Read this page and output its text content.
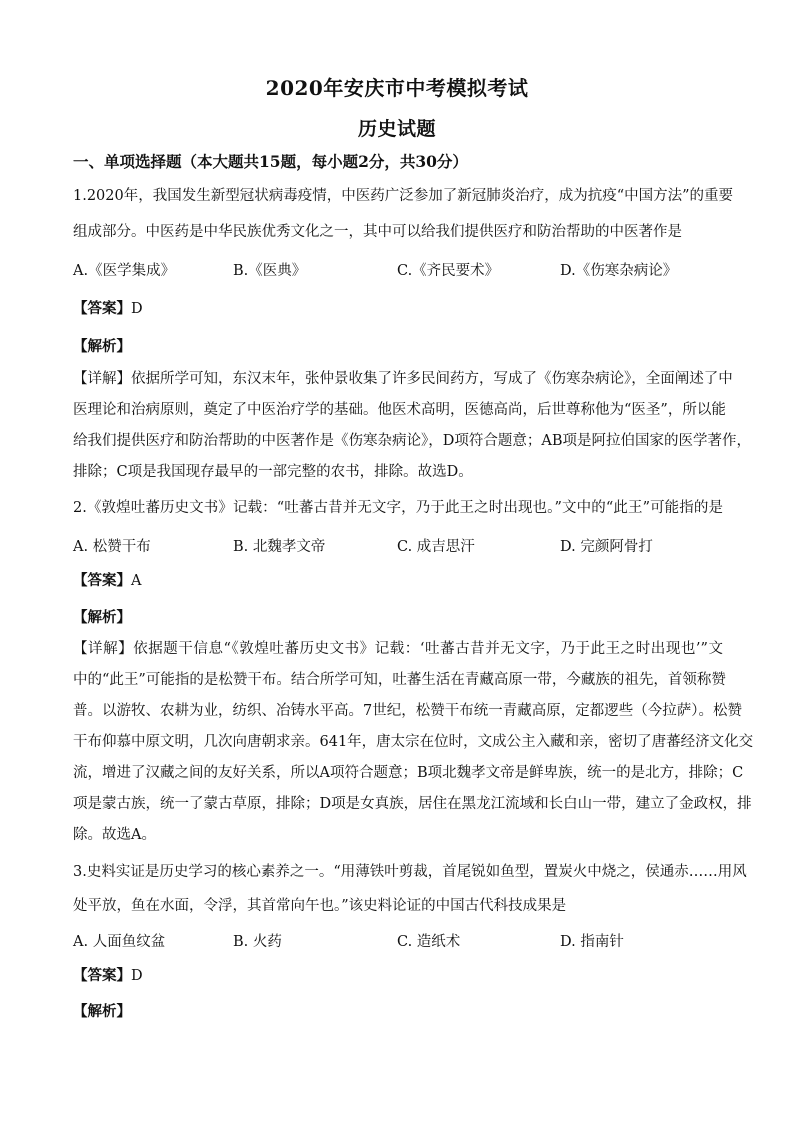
2020年安庆市中考模拟考试
历史试题
一、单项选择题（本大题共15题，每小题2分，共30分）
1.2020年，我国发生新型冠状病毒疫情，中医药广泛参加了新冠肺炎治疗，成为抗疫“中国方法”的重要
组成部分。中医药是中华民族优秀文化之一，其中可以给我们提供医疗和防治帮助的中医著作是
A.《医学集成》	B.《医典》	C.《齐民要术》	D.《伤寒杂病论》
【答案】D
【解析】
【详解】依据所学可知，东汉末年，张仲景收集了许多民间药方，写成了《伤寒杂病论》，全面阐述了中
医理论和治病原则，奠定了中医治疗学的基础。他医术高明，医德高尚，后世尊称他为“医圣”，所以能
给我们提供医疗和防治帮助的中医著作是《伤寒杂病论》，D项符合题意；AB项是阿拉伯国家的医学著作，
排除；C项是我国现存最早的一部完整的农书，排除。故选D。
2.《敦煌吐蕃历史文书》记载：“吐蕃古昔并无文字，乃于此王之时出现也。”文中的“此王”可能指的是
A. 松赞干布	B. 北魏孝文帝	C. 成吉思汗	D. 完颜阿骨打
【答案】A
【解析】
【详解】依据题干信息“《敦煌吐蕃历史文书》记载：‘吐蕃古昔并无文字，乃于此王之时出现也’”文
中的“此王”可能指的是松赞干布。结合所学可知，吐蕃生活在青藏高原一带，今藏族的祖先，首领称赞
普。以游牧、农耕为业，纺织、冶铸水平高。7世纪，松赞干布统一青藏高原，定都逻些（今拉萨）。松赞
干布仰慕中原文明，几次向唐朝求亲。641年，唐太宗在位时，文成公主入藏和亲，密切了唐蕃经济文化交
流，增进了汉藏之间的友好关系，所以A项符合题意；B项北魏孝文帝是鲜卑族，统一的是北方，排除；C
项是蒙古族，统一了蒙古草原，排除；D项是女真族，居住在黑龙江流域和长白山一带，建立了金政权，排
除。故选A。
3.史料实证是历史学习的核心素养之一。“用薄铁叶剪裁，首尾锐如鱼型，置炭火中烧之，侯通赤……用风
处平放，鱼在水面，令浮，其首常向午也。”该史料论证的中国古代科技成果是
A. 人面鱼纹盆	B. 火药	C. 造纸术	D. 指南针
【答案】D
【解析】
